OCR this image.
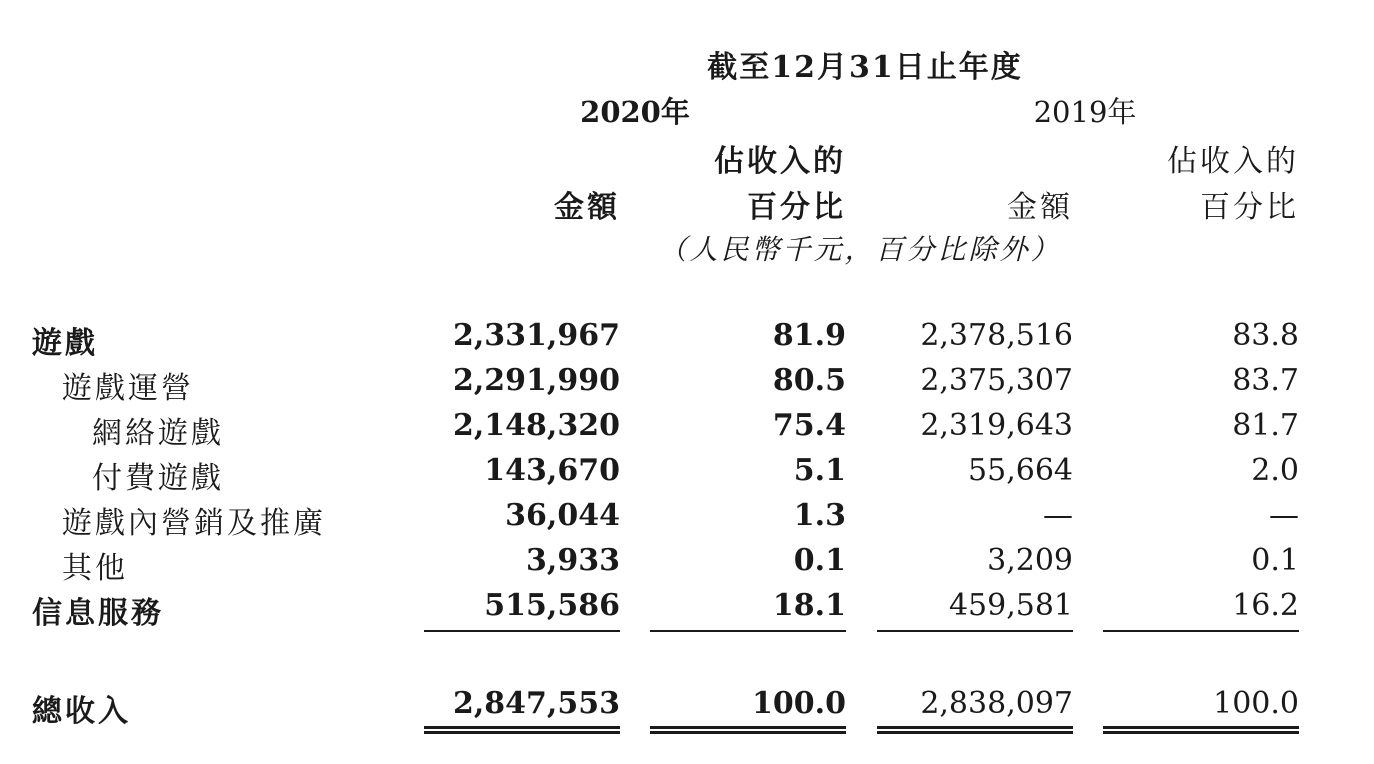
截至12月31日止年度
2020年	2019年
佔收入的	佔收入的
金額	百分比	金額	百分比
（人民幣千元，百分比除外）
遊戲	2,331,967	81.9	2,378,516	83.8
遊戲運營	2,291,990	80.5	2,375,307	83.7
網絡遊戲	2,148,320	75.4	2,319,643	81.7
付費遊戲	143,670	5.1	55,664	2.0
遊戲內營銷及推廣	36,044	1.3	—	—
其他	3,933	0.1	3,209	0.1
信息服務	515,586	18.1	459,581	16.2
總收入	2,847,553	100.0	2,838,097	100.0
